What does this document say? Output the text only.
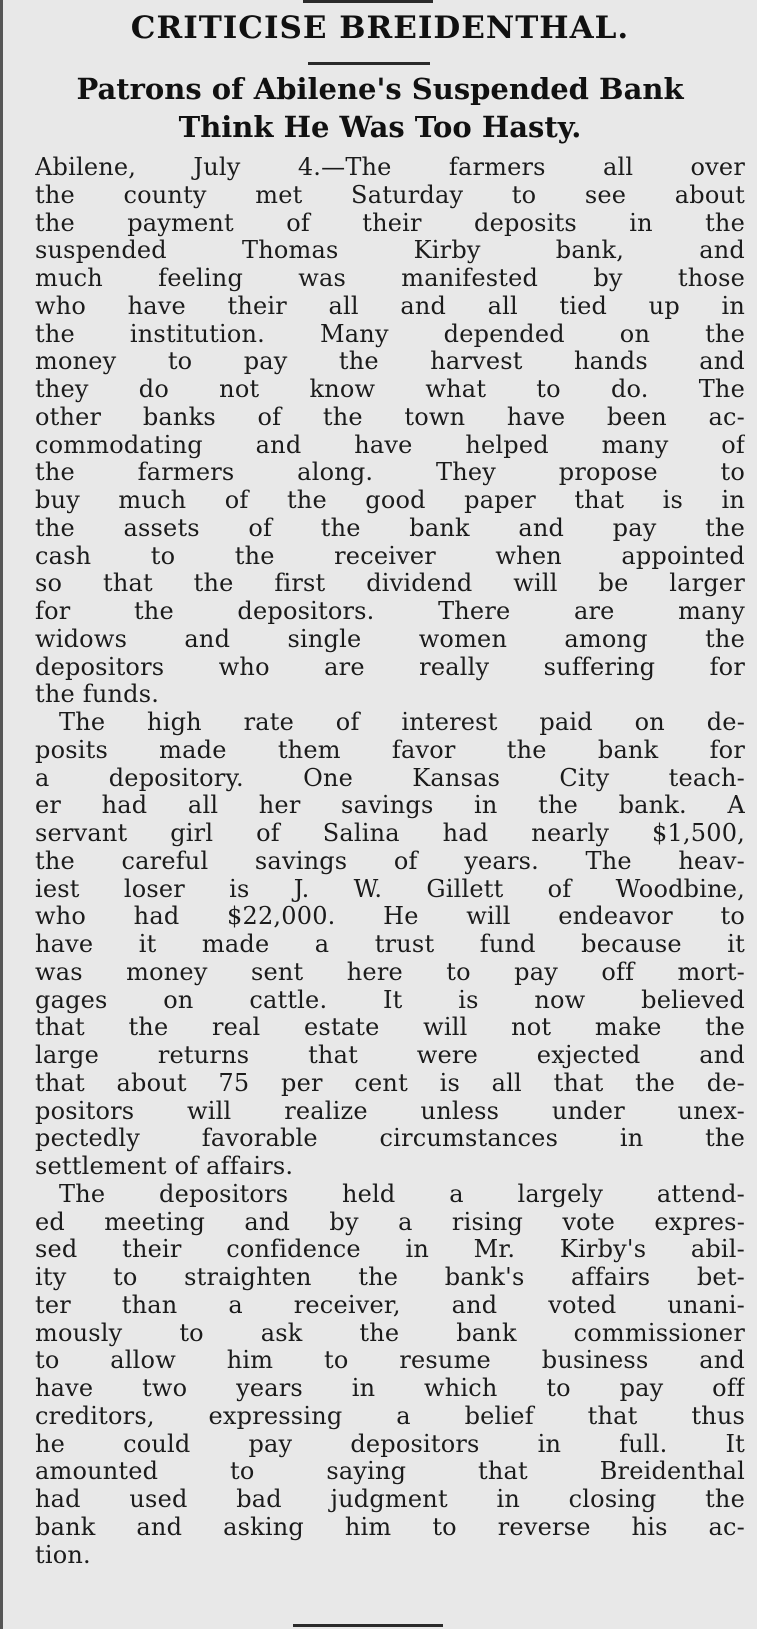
CRITICISE BREIDENTHAL.
Patrons of Abilene's Suspended Bank
Think He Was Too Hasty.
Abilene, July 4.—The farmers all over
the county met Saturday to see about
the payment of their deposits in the
suspended Thomas Kirby bank, and
much feeling was manifested by those
who have their all and all tied up in
the institution. Many depended on the
money to pay the harvest hands and
they do not know what to do. The
other banks of the town have been ac-
commodating and have helped many of
the farmers along. They propose to
buy much of the good paper that is in
the assets of the bank and pay the
cash to the receiver when appointed
so that the first dividend will be larger
for the depositors. There are many
widows and single women among the
depositors who are really suffering for
the funds.
The high rate of interest paid on de-
posits made them favor the bank for
a depository. One Kansas City teach-
er had all her savings in the bank. A
servant girl of Salina had nearly $1,500,
the careful savings of years. The heav-
iest loser is J. W. Gillett of Woodbine,
who had $22,000. He will endeavor to
have it made a trust fund because it
was money sent here to pay off mort-
gages on cattle. It is now believed
that the real estate will not make the
large returns that were exjected and
that about 75 per cent is all that the de-
positors will realize unless under unex-
pectedly favorable circumstances in the
settlement of affairs.
The depositors held a largely attend-
ed meeting and by a rising vote expres-
sed their confidence in Mr. Kirby's abil-
ity to straighten the bank's affairs bet-
ter than a receiver, and voted unani-
mously to ask the bank commissioner
to allow him to resume business and
have two years in which to pay off
creditors, expressing a belief that thus
he could pay depositors in full. It
amounted to saying that Breidenthal
had used bad judgment in closing the
bank and asking him to reverse his ac-
tion.
